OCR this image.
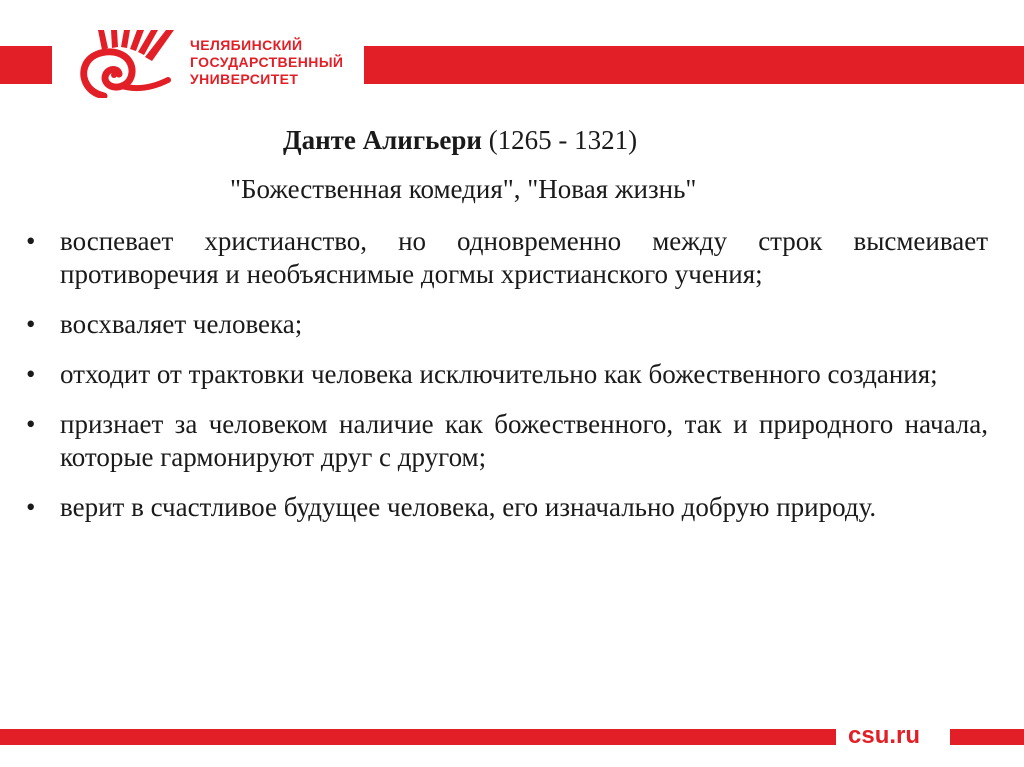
ЧЕЛЯБИНСКИЙ
ГОСУДАРСТВЕННЫЙ
УНИВЕРСИТЕТ
Данте Алигьери (1265 - 1321)
"Божественная комедия", "Новая жизнь"
• воспевает христианство, но одновременно между строк высмеивает противоречия и необъяснимые догмы христианского учения;
• восхваляет человека;
• отходит от трактовки человека исключительно как божественного создания;
• признает за человеком наличие как божественного, так и природного начала, которые гармонируют друг с другом;
• верит в счастливое будущее человека, его изначально добрую природу.
csu.ru
